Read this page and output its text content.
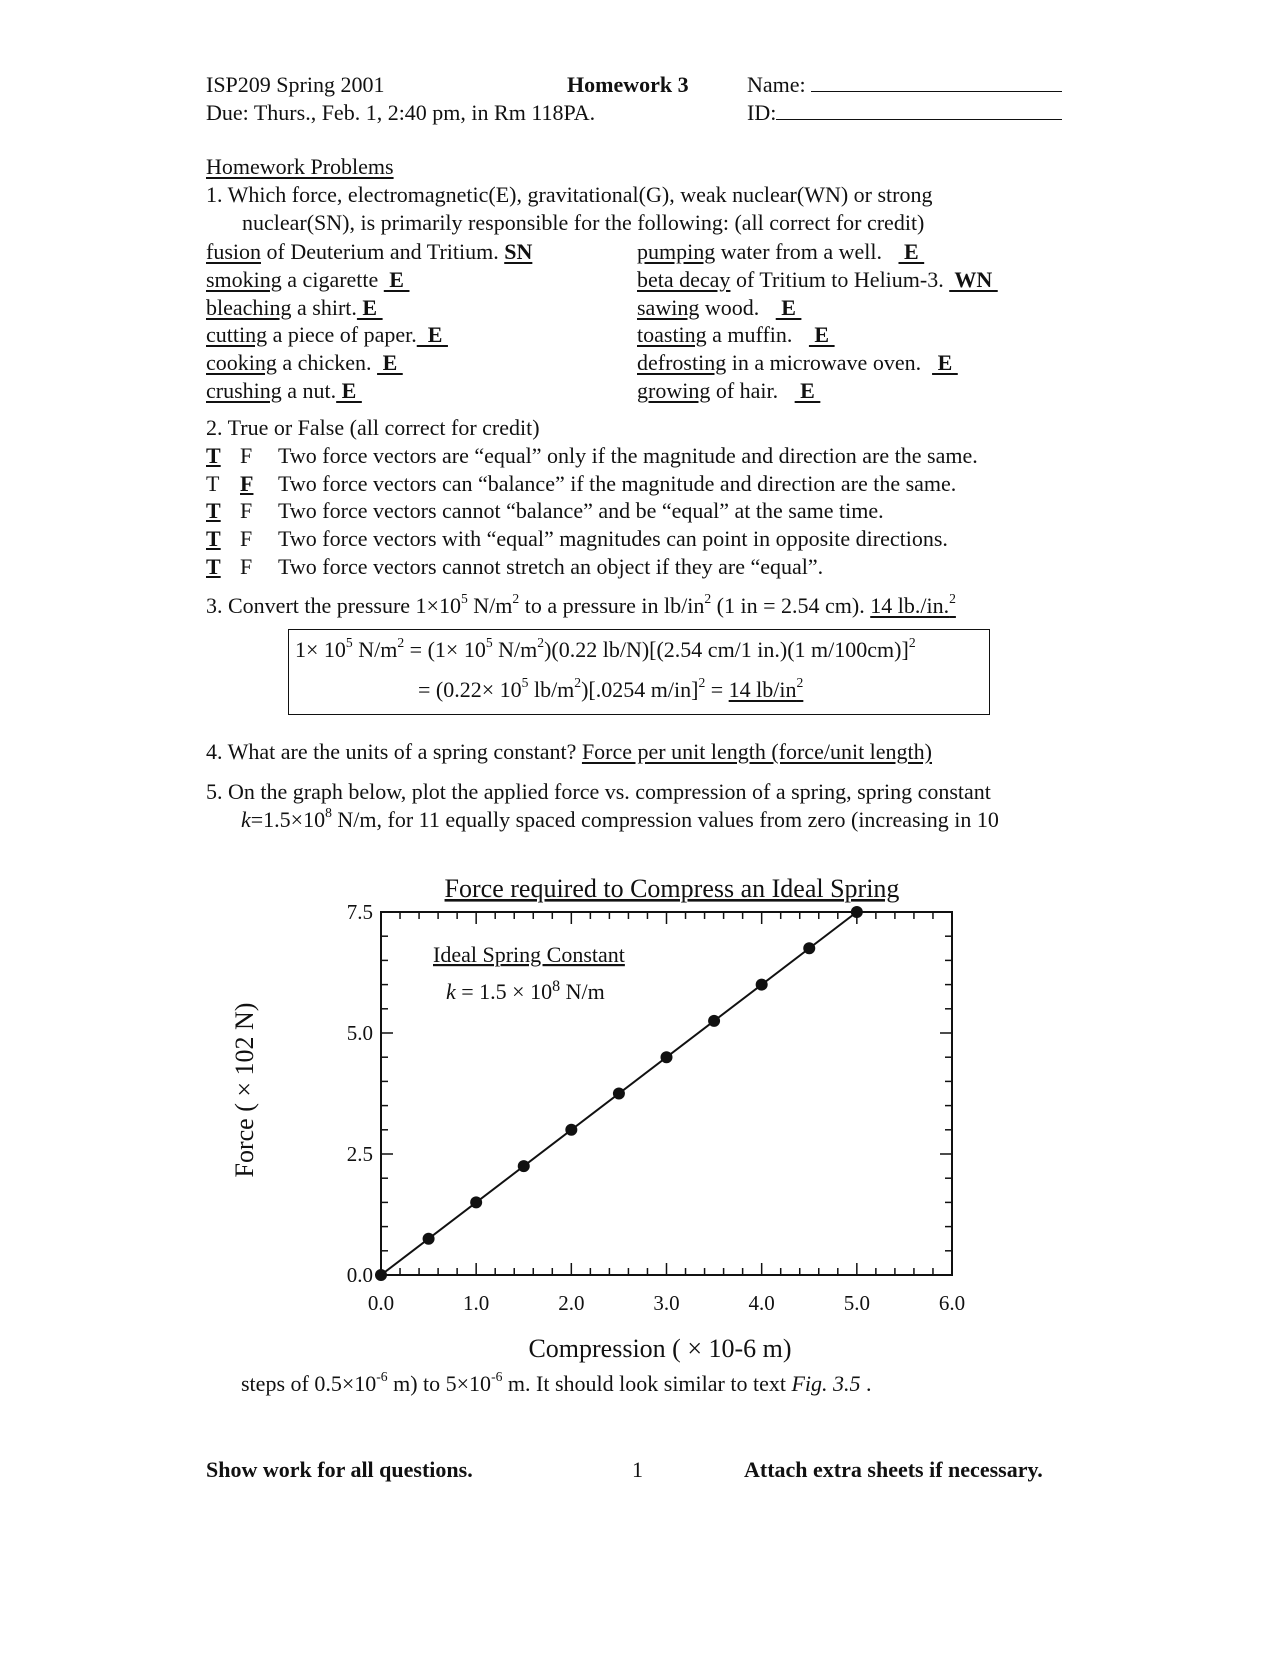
ISP209 Spring 2001	Homework 3	Name:
Due: Thurs., Feb. 1, 2:40 pm, in Rm 118PA.	ID:
Homework Problems
1. Which force, electromagnetic(E), gravitational(G), weak nuclear(WN) or strong
nuclear(SN), is primarily responsible for the following: (all correct for credit)
fusion of Deuterium and Tritium. SN
smoking a cigarette  E
bleaching a shirt. E
cutting a piece of paper.  E
cooking a chicken.  E
crushing a nut. E
pumping water from a well.    E
beta decay of Tritium to Helium-3.  WN
sawing wood.    E
toasting a muffin.    E
defrosting in a microwave oven.   E
growing of hair.    E
2. True or False (all correct for credit)
T F Two force vectors are “equal” only if the magnitude and direction are the same.
T F Two force vectors can “balance” if the magnitude and direction are the same.
T F Two force vectors cannot “balance” and be “equal” at the same time.
T F Two force vectors with “equal” magnitudes can point in opposite directions.
T F Two force vectors cannot stretch an object if they are “equal”.
3. Convert the pressure $1\times 10^5$ $N/m^2$ to a pressure in $lb/in^2$ (1 in = 2.54 cm). 14 lb./in.$^2$
$1\times 10^5$ $N/m^2 = (1\times 10^5$ $N/m^2)(0.22$ lb/N)[(2.54 cm/1 in.)(1 m/100cm)]$^2$
= ($0.22\times 10^5$ $lb/m^2)[.0254$ m/in]$^2$ = 14 $lb/in^2$
4. What are the units of a spring constant? Force per unit length (force/unit length)
5. On the graph below, plot the applied force vs. compression of a spring, spring constant
$k=1.5\times 10^8$ N/m, for 11 equally spaced compression values from zero (increasing in 10
Force required to Compress an Ideal Spring
0.0	1.0	2.0	3.0	4.0	5.0	6.0
0.0
2.5
5.0
7.5
Ideal Spring Constant
$k = 1.5 \times 10^8$ N/m
Compression ( × 10-6 m)
Force ( × 102 N)
steps of $0.5\times 10^{-6}$ m) to $5\times 10^{-6}$ m. It should look similar to text Fig. 3.5 .
Show work for all questions.	1	Attach extra sheets if necessary.
